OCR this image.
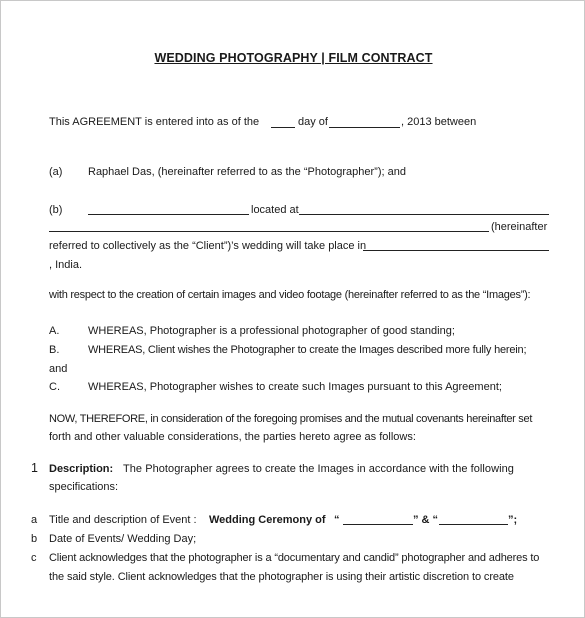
WEDDING PHOTOGRAPHY | FILM CONTRACT
This AGREEMENT is entered into as of the	day of	, 2013 between
(a) Raphael Das, (hereinafter referred to as the “Photographer”); and
(b)	located at
(hereinafter
referred to collectively as the “Client”)’s wedding will take place in
, India.
with respect to the creation of certain images and video footage (hereinafter referred to as the “Images”):
A.	WHEREAS, Photographer is a professional photographer of good standing;
B.	WHEREAS, Client wishes the Photographer to create the Images described more fully herein;
and
C.	WHEREAS, Photographer wishes to create such Images pursuant to this Agreement;
NOW, THEREFORE, in consideration of the foregoing promises and the mutual covenants hereinafter set
forth and other valuable considerations, the parties hereto agree as follows:
1 Description: The Photographer agrees to create the Images in accordance with the following
specifications:
a Title and description of Event : Wedding Ceremony of “	” & “	”;
b Date of Events/ Wedding Day;
c Client acknowledges that the photographer is a “documentary and candid” photographer and adheres to
the said style. Client acknowledges that the photographer is using their artistic discretion to create
